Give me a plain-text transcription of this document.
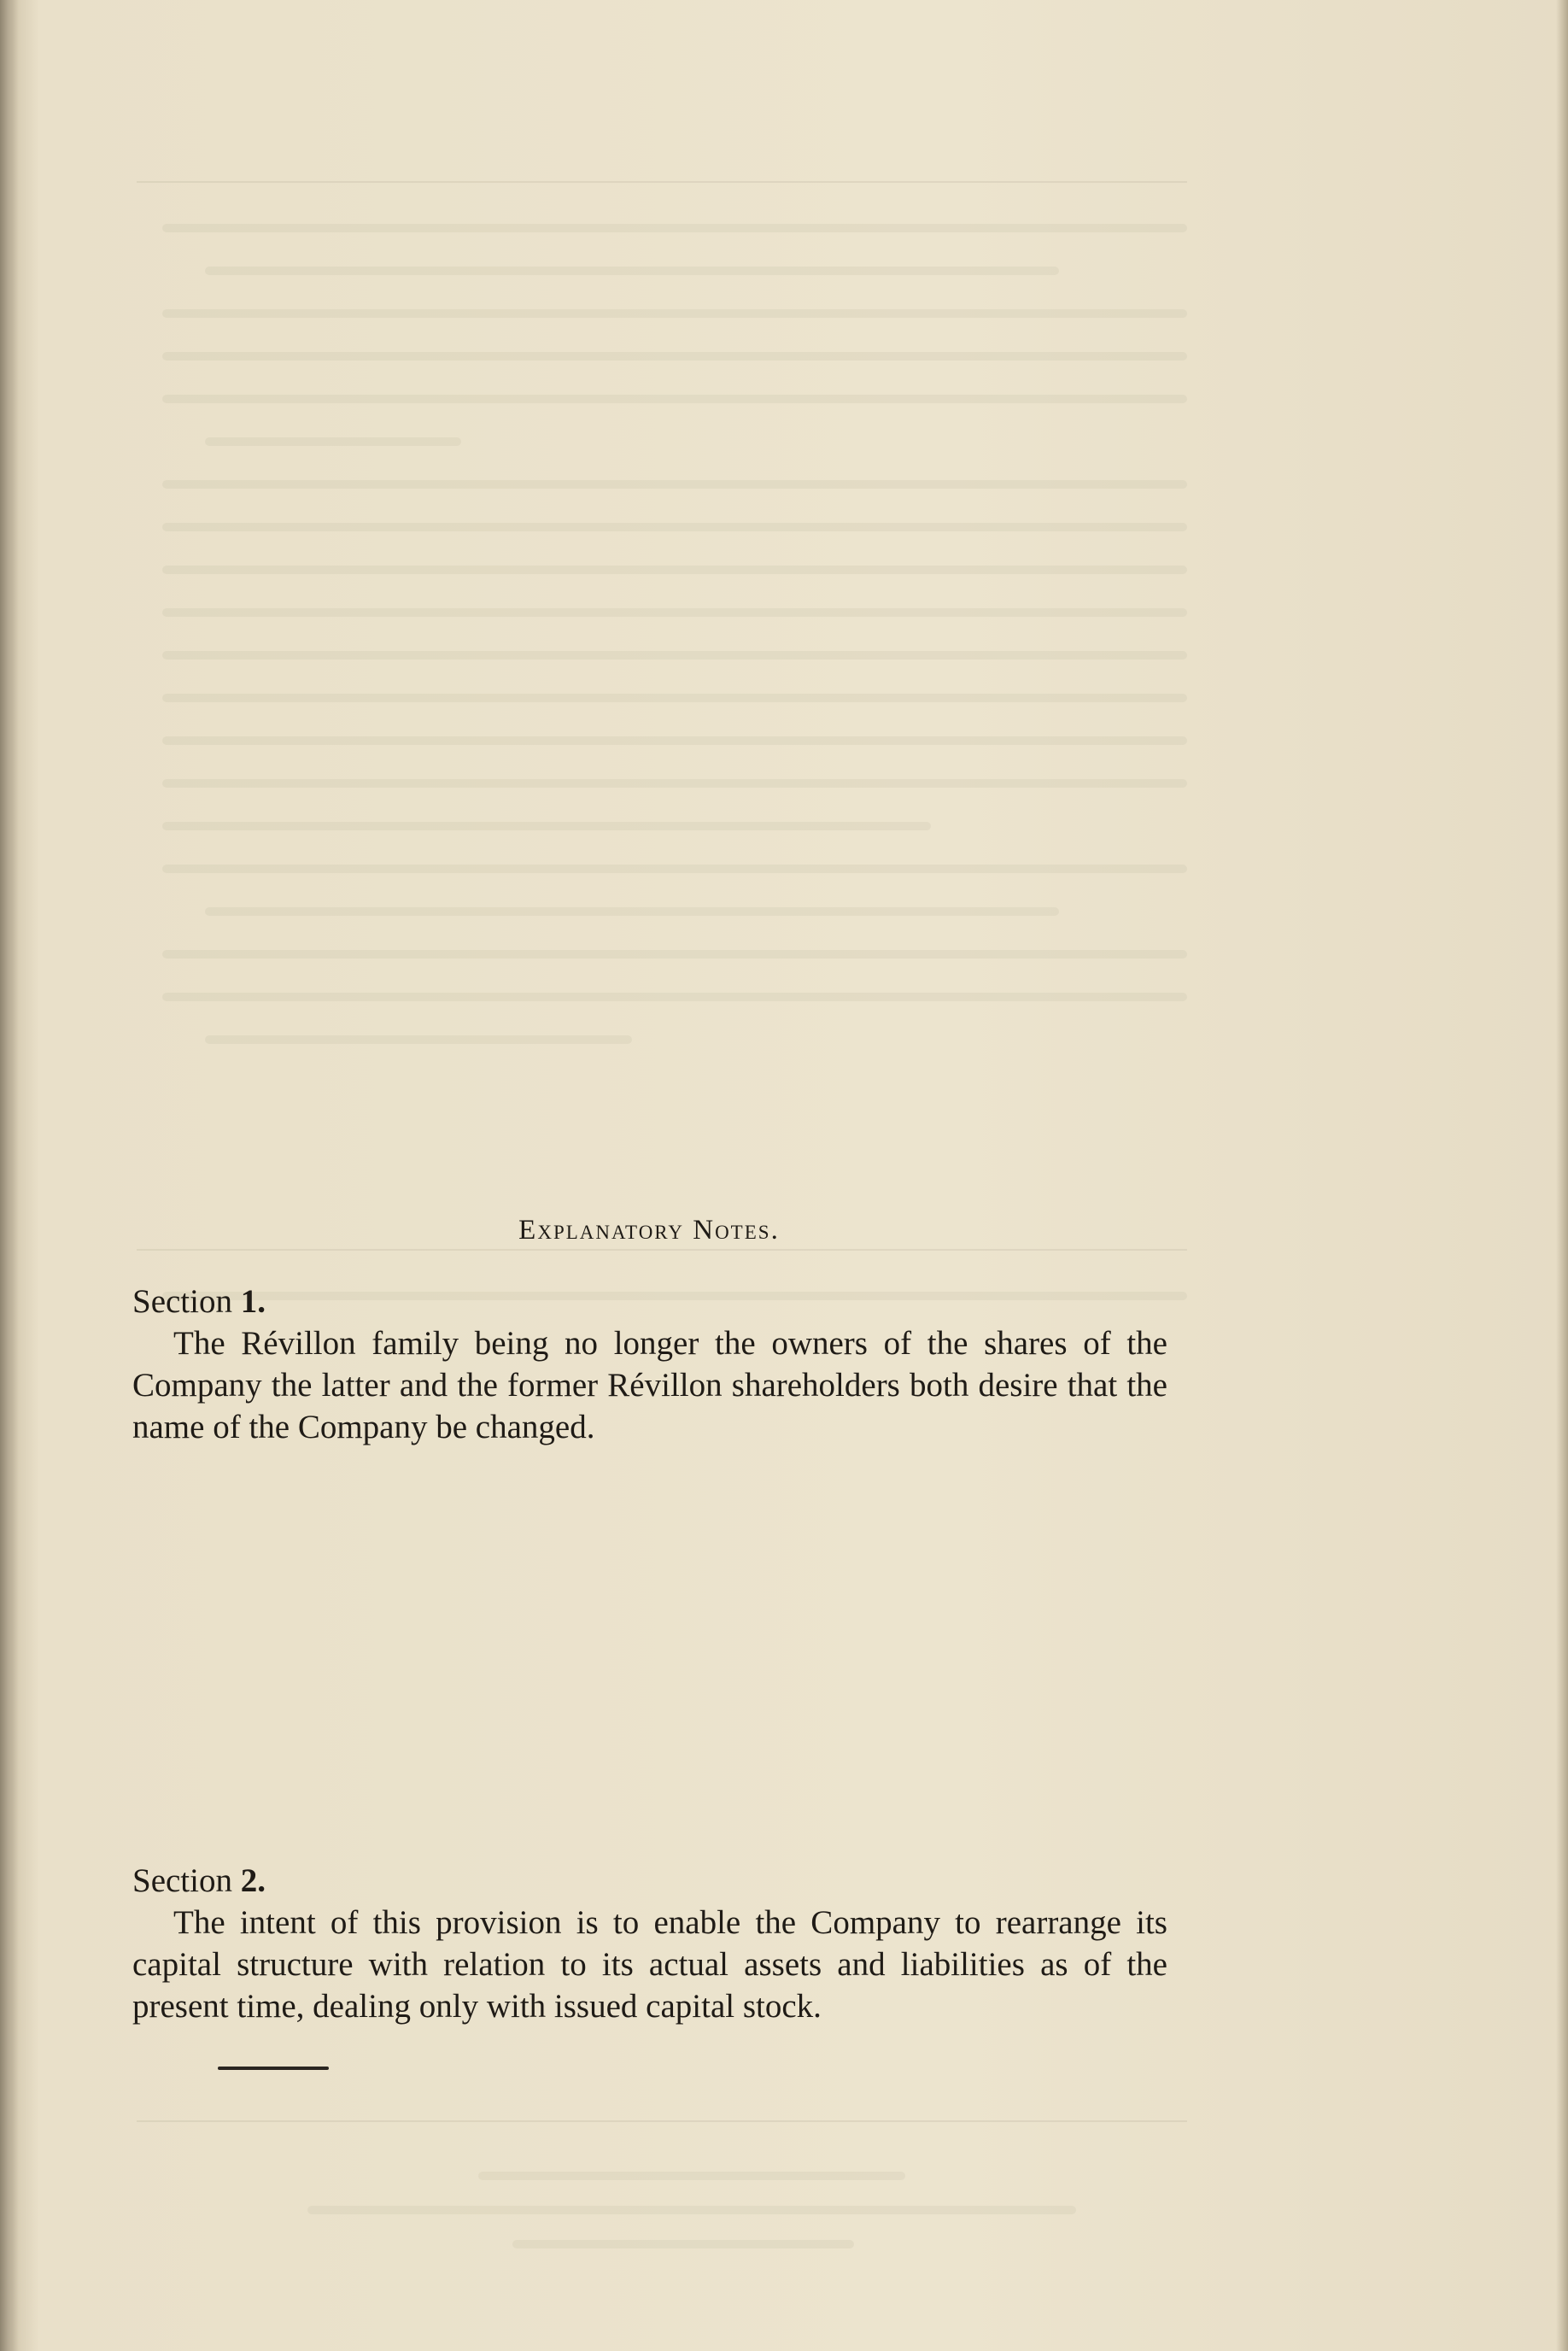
Explanatory Notes.
Section 1.
The Révillon family being no longer the owners of the shares of the Company the latter and the former Révillon shareholders both desire that the name of the Company be changed.
Section 2.
The intent of this provision is to enable the Company to rearrange its capital structure with relation to its actual assets and liabilities as of the present time, dealing only with issued capital stock.
